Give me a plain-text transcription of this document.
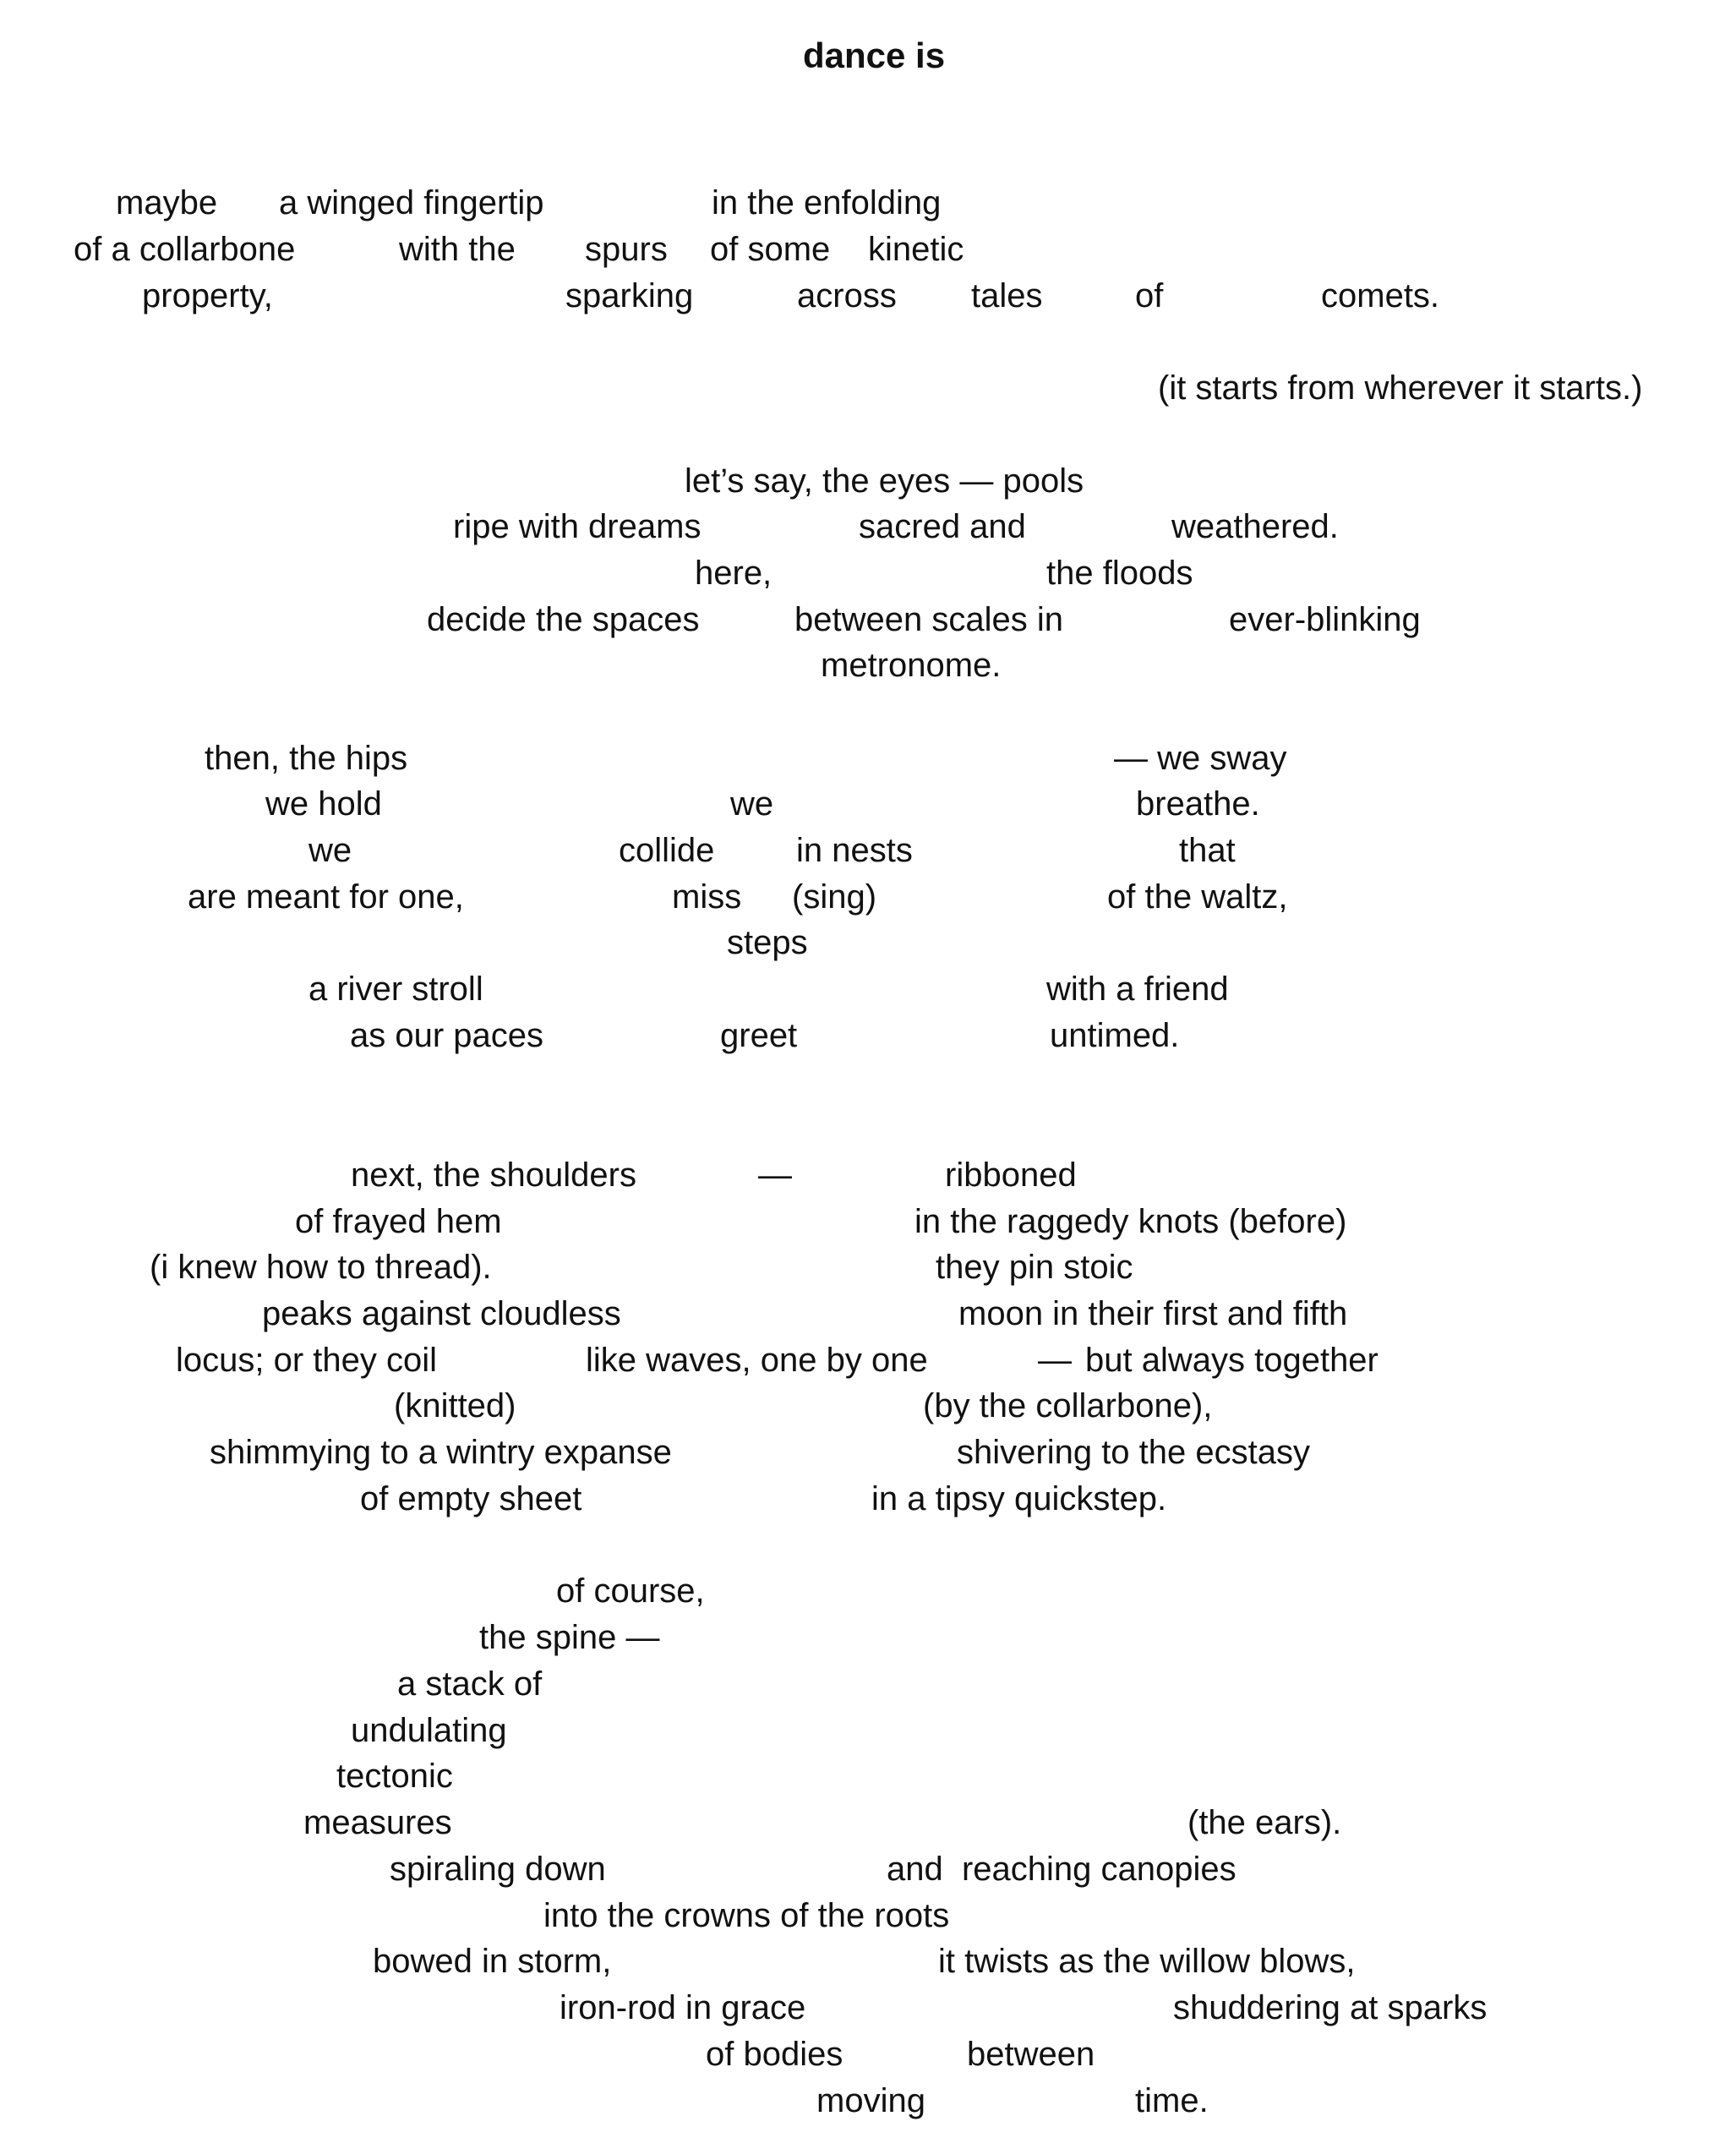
dance is
maybe a winged fingertip	in the enfolding
of a collarbone	with the spurs of some kinetic
property,	sparking	across tales	of	comets.
(it starts from wherever it starts.)
let’s say, the eyes — pools
ripe with dreams	sacred and	weathered.
here,	the floods
decide the spaces	between scales in	ever-blinking
metronome.
then, the hips	— we sway
we hold	we	breathe.
we	collide in nests	that
are meant for one,	miss (sing)	of the waltz,
steps
a river stroll	with a friend
as our paces	greet	untimed.
next, the shoulders	—	ribboned
of frayed hem	in the raggedy knots (before)
(i knew how to thread).	they pin stoic
peaks against cloudless	moon in their first and fifth
locus; or they coil	like waves, one by one	— but always together
(knitted)	(by the collarbone),
shimmying to a wintry expanse	shivering to the ecstasy
of empty sheet	in a tipsy quickstep.
of course,
the spine —
a stack of
undulating
tectonic
measures	(the ears).
spiraling down	and  reaching canopies
into the crowns of the roots
bowed in storm,	it twists as the willow blows,
iron-rod in grace	shuddering at sparks
of bodies	between
moving	time.
